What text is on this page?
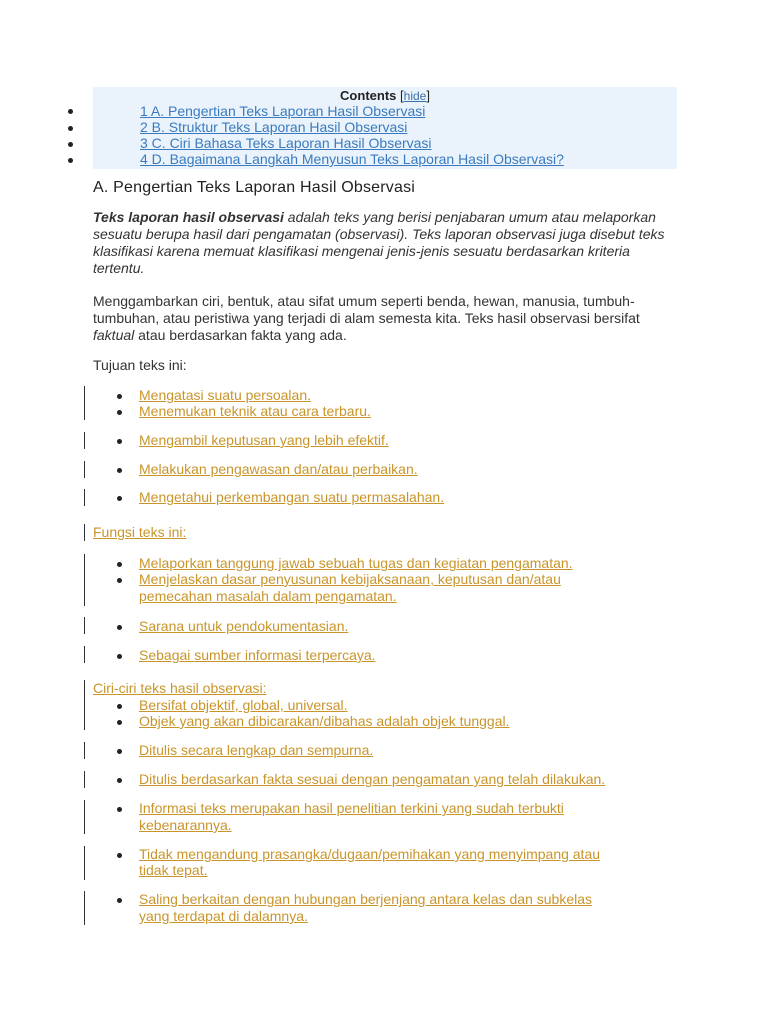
Contents [hide]
1 A. Pengertian Teks Laporan Hasil Observasi
2 B. Struktur Teks Laporan Hasil Observasi
3 C. Ciri Bahasa Teks Laporan Hasil Observasi
4 D. Bagaimana Langkah Menyusun Teks Laporan Hasil Observasi?
A. Pengertian Teks Laporan Hasil Observasi
Teks laporan hasil observasi adalah teks yang berisi penjabaran umum atau melaporkan sesuatu berupa hasil dari pengamatan (observasi). Teks laporan observasi juga disebut teks klasifikasi karena memuat klasifikasi mengenai jenis-jenis sesuatu berdasarkan kriteria tertentu.
Menggambarkan ciri, bentuk, atau sifat umum seperti benda, hewan, manusia, tumbuh-tumbuhan, atau peristiwa yang terjadi di alam semesta kita. Teks hasil observasi bersifat faktual atau berdasarkan fakta yang ada.
Tujuan teks ini:
Mengatasi suatu persoalan.
Menemukan teknik atau cara terbaru.
Mengambil keputusan yang lebih efektif.
Melakukan pengawasan dan/atau perbaikan.
Mengetahui perkembangan suatu permasalahan.
Fungsi teks ini:
Melaporkan tanggung jawab sebuah tugas dan kegiatan pengamatan.
Menjelaskan dasar penyusunan kebijaksanaan, keputusan dan/atau
pemecahan masalah dalam pengamatan.
Sarana untuk pendokumentasian.
Sebagai sumber informasi terpercaya.
Ciri-ciri teks hasil observasi:
Bersifat objektif, global, universal.
Objek yang akan dibicarakan/dibahas adalah objek tunggal.
Ditulis secara lengkap dan sempurna.
Ditulis berdasarkan fakta sesuai dengan pengamatan yang telah dilakukan.
Informasi teks merupakan hasil penelitian terkini yang sudah terbukti
kebenarannya.
Tidak mengandung prasangka/dugaan/pemihakan yang menyimpang atau
tidak tepat.
Saling berkaitan dengan hubungan berjenjang antara kelas dan subkelas
yang terdapat di dalamnya.
